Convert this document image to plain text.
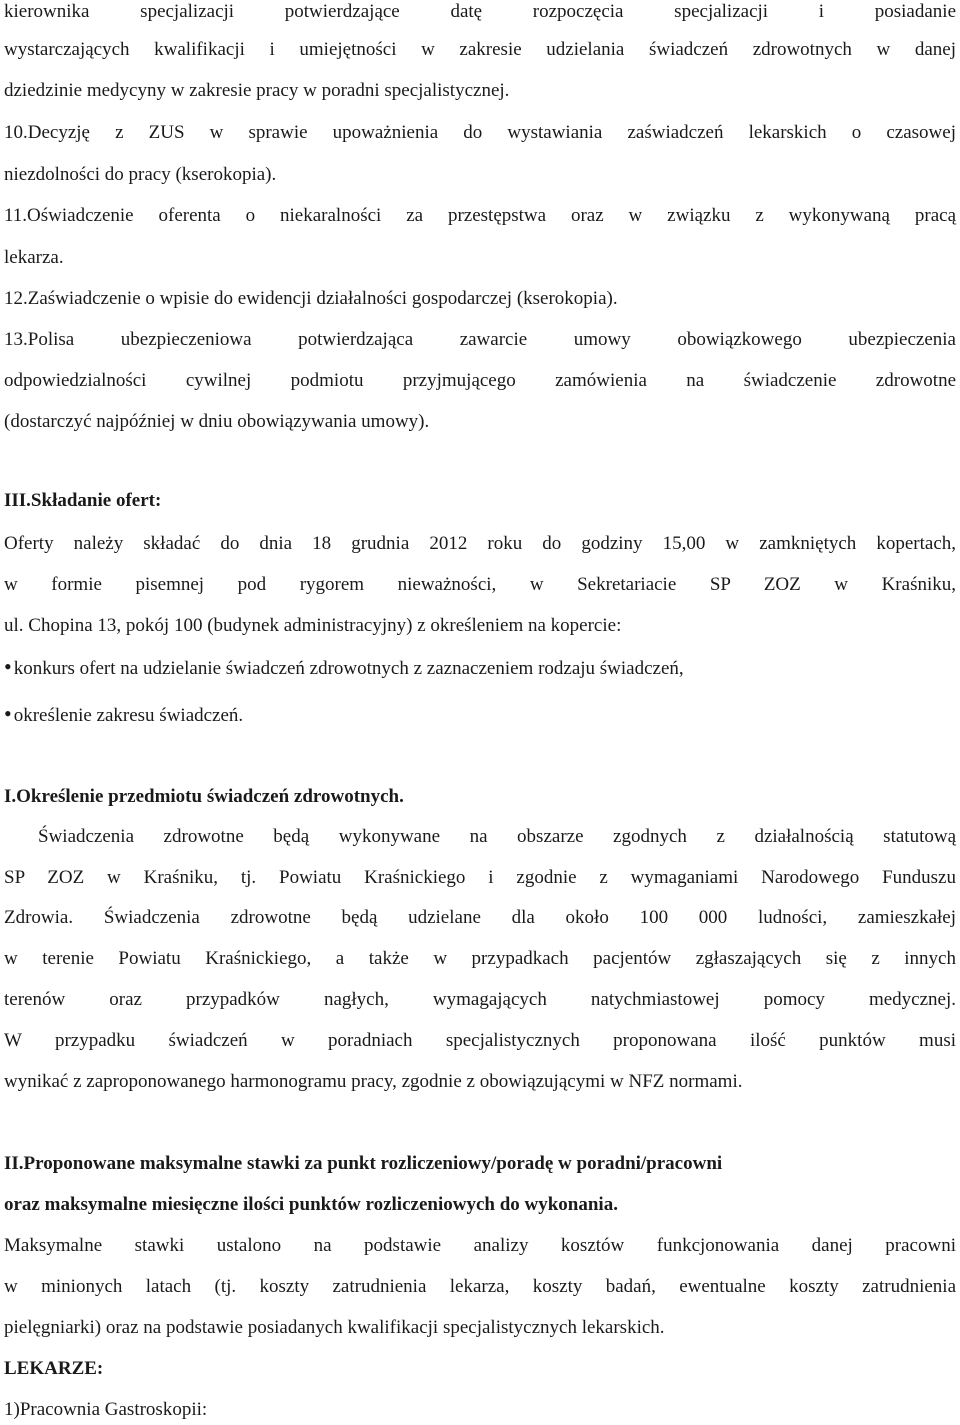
kierownika specjalizacji potwierdzające datę rozpoczęcia specjalizacji i posiadanie
wystarczających kwalifikacji i umiejętności w zakresie udzielania świadczeń zdrowotnych w danej
dziedzinie medycyny w zakresie pracy w poradni specjalistycznej.
10.Decyzję z ZUS w sprawie upoważnienia do wystawiania zaświadczeń lekarskich o czasowej
niezdolności do pracy (kserokopia).
11.Oświadczenie oferenta o niekaralności za przestępstwa oraz w związku z wykonywaną pracą
lekarza.
12.Zaświadczenie o wpisie do ewidencji działalności gospodarczej (kserokopia).
13.Polisa ubezpieczeniowa potwierdzająca zawarcie umowy obowiązkowego ubezpieczenia
odpowiedzialności cywilnej podmiotu przyjmującego zamówienia na świadczenie zdrowotne
(dostarczyć najpóźniej w dniu obowiązywania umowy).
III.Składanie ofert:
Oferty należy składać do dnia 18 grudnia 2012 roku do godziny 15,00 w zamkniętych kopertach,
w formie pisemnej pod rygorem nieważności, w Sekretariacie SP ZOZ w Kraśniku,
ul. Chopina 13, pokój 100 (budynek administracyjny) z określeniem na kopercie:
• konkurs ofert na udzielanie świadczeń zdrowotnych z zaznaczeniem rodzaju świadczeń,
• określenie zakresu świadczeń.
I.Określenie przedmiotu świadczeń zdrowotnych.
Świadczenia zdrowotne będą wykonywane na obszarze zgodnych z działalnością statutową
SP ZOZ w Kraśniku, tj. Powiatu Kraśnickiego i zgodnie z wymaganiami Narodowego Funduszu
Zdrowia. Świadczenia zdrowotne będą udzielane dla około 100 000 ludności, zamieszkałej
w terenie Powiatu Kraśnickiego, a także w przypadkach pacjentów zgłaszających się z innych
terenów oraz przypadków nagłych, wymagających natychmiastowej pomocy medycznej.
W przypadku świadczeń w poradniach specjalistycznych proponowana ilość punktów musi
wynikać z zaproponowanego harmonogramu pracy, zgodnie z obowiązującymi w NFZ normami.
II.Proponowane maksymalne stawki za punkt rozliczeniowy/poradę w poradni/pracowni
oraz maksymalne miesięczne ilości punktów rozliczeniowych do wykonania.
Maksymalne stawki ustalono na podstawie analizy kosztów funkcjonowania danej pracowni
w minionych latach (tj. koszty zatrudnienia lekarza, koszty badań, ewentualne koszty zatrudnienia
pielęgniarki) oraz na podstawie posiadanych kwalifikacji specjalistycznych lekarskich.
LEKARZE:
1)Pracownia Gastroskopii:
